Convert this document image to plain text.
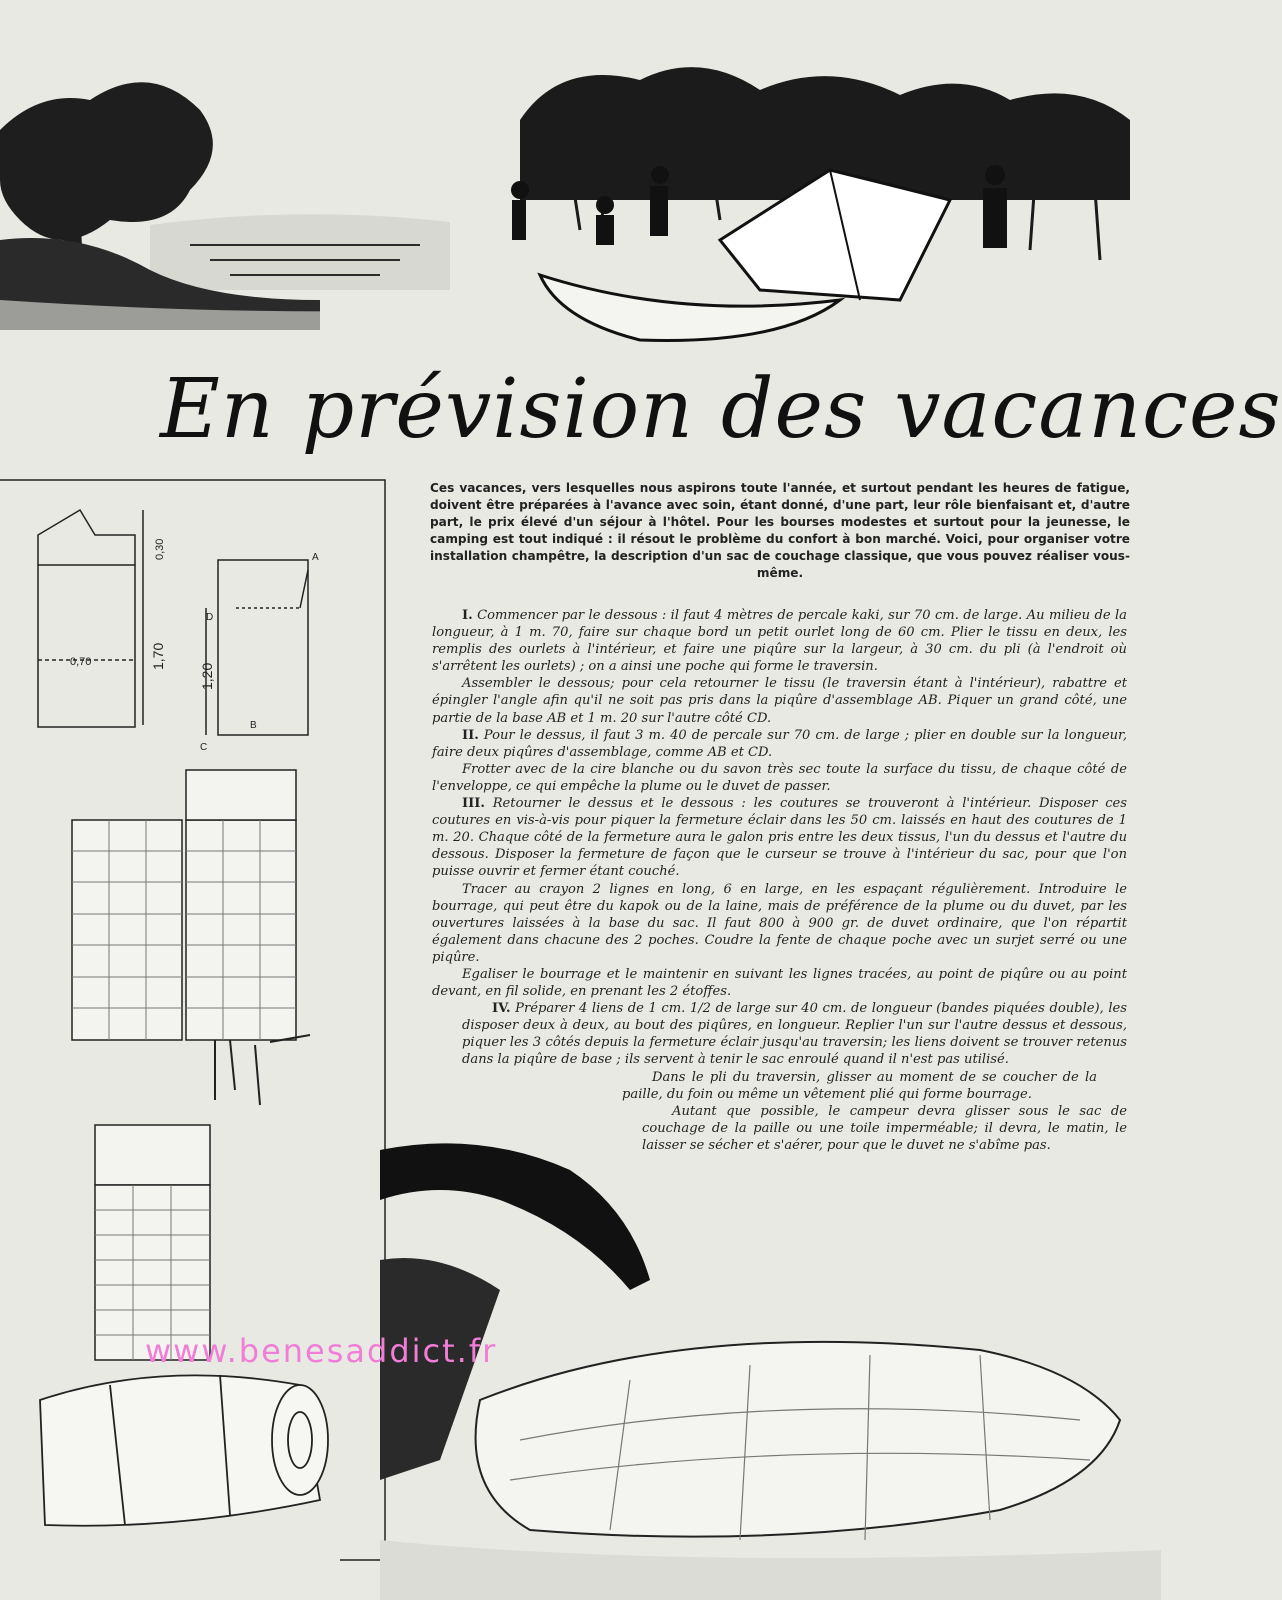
En prévision des vacances
0,70	1,70
0,30
1,20
A
B
C
D
Ces vacances, vers lesquelles nous aspirons toute l'année, et surtout pendant les heures de fatigue, doivent être préparées à l'avance avec soin, étant donné, d'une part, leur rôle bienfaisant et, d'autre part, le prix élevé d'un séjour à l'hôtel. Pour les bourses modestes et surtout pour la jeunesse, le camping est tout indiqué : il résout le problème du confort à bon marché. Voici, pour organiser votre installation champêtre, la description d'un sac de couchage classique, que vous pouvez réaliser vous-même.

I. Commencer par le dessous : il faut 4 mètres de percale kaki, sur 70 cm. de large. Au milieu de la longueur, à 1 m. 70, faire sur chaque bord un petit ourlet long de 60 cm. Plier le tissu en deux, les remplis des ourlets à l'intérieur, et faire une piqûre sur la largeur, à 30 cm. du pli (à l'endroit où s'arrêtent les ourlets) ; on a ainsi une poche qui forme le traversin.

Assembler le dessous; pour cela retourner le tissu (le traversin étant à l'intérieur), rabattre et épingler l'angle afin qu'il ne soit pas pris dans la piqûre d'assemblage AB. Piquer un grand côté, une partie de la base AB et 1 m. 20 sur l'autre côté CD.

II. Pour le dessus, il faut 3 m. 40 de percale sur 70 cm. de large ; plier en double sur la longueur, faire deux piqûres d'assemblage, comme AB et CD.

Frotter avec de la cire blanche ou du savon très sec toute la surface du tissu, de chaque côté de l'enveloppe, ce qui empêche la plume ou le duvet de passer.

III. Retourner le dessus et le dessous : les coutures se trouveront à l'intérieur. Disposer ces coutures en vis-à-vis pour piquer la fermeture éclair dans les 50 cm. laissés en haut des coutures de 1 m. 20. Chaque côté de la fermeture aura le galon pris entre les deux tissus, l'un du dessus et l'autre du dessous. Disposer la fermeture de façon que le curseur se trouve à l'intérieur du sac, pour que l'on puisse ouvrir et fermer étant couché.

Tracer au crayon 2 lignes en long, 6 en large, en les espaçant régulièrement. Introduire le bourrage, qui peut être du kapok ou de la laine, mais de préférence de la plume ou du duvet, par les ouvertures laissées à la base du sac. Il faut 800 à 900 gr. de duvet ordinaire, que l'on répartit également dans chacune des 2 poches. Coudre la fente de chaque poche avec un surjet serré ou une piqûre.

Egaliser le bourrage et le maintenir en suivant les lignes tracées, au point de piqûre ou au point devant, en fil solide, en prenant les 2 étoffes.

IV. Préparer 4 liens de 1 cm. 1/2 de large sur 40 cm. de longueur (bandes piquées double), les disposer deux à deux, au bout des piqûres, en longueur. Replier l'un sur l'autre dessus et dessous, piquer les 3 côtés depuis la fermeture éclair jusqu'au traversin; les liens doivent se trouver retenus dans la piqûre de base ; ils servent à tenir le sac enroulé quand il n'est pas utilisé.

Dans le pli du traversin, glisser au moment de se coucher de la paille, du foin ou même un vêtement plié qui forme bourrage.

Autant que possible, le campeur devra glisser sous le sac de couchage de la paille ou une toile imperméable; il devra, le matin, le laisser se sécher et s'aérer, pour que le duvet ne s'abîme pas.

www.benesaddict.fr
